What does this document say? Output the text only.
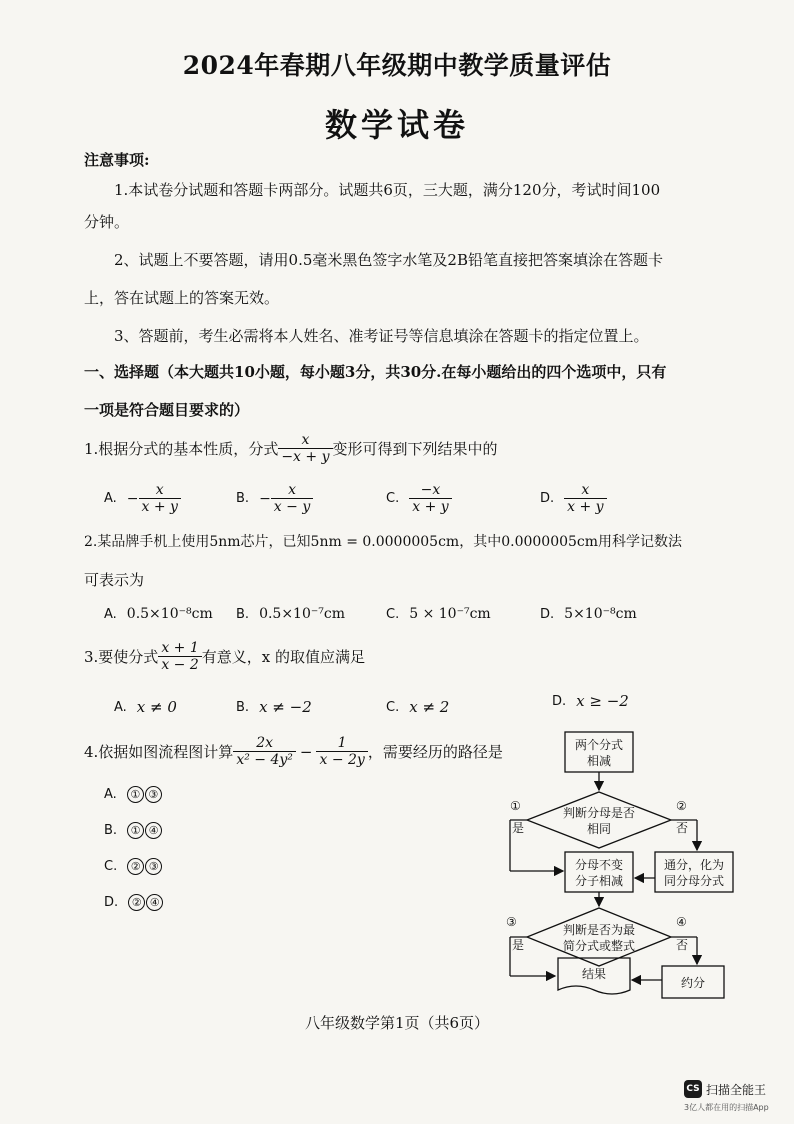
2024年春期八年级期中教学质量评估
数学试卷
注意事项:
1.本试卷分试题和答题卡两部分。试题共6页，三大题，满分120分，考试时间100
分钟。
2、试题上不要答题，请用0.5毫米黑色签字水笔及2B铅笔直接把答案填涂在答题卡
上，答在试题上的答案无效。
3、答题前，考生必需将本人姓名、准考证号等信息填涂在答题卡的指定位置上。
一、选择题（本大题共10小题，每小题3分，共30分.在每小题给出的四个选项中，只有
一项是符合题目要求的）
1.根据分式的基本性质，分式 $\frac{x}{-x + y}$ 变形可得到下列结果中的
A. − $\frac{x}{x + y}$	B. − $\frac{x}{x - y}$	C. $\frac{-x}{x + y}$	D. $\frac{x}{x + y}$
2.某品牌手机上使用5nm芯片，已知5nm = 0.0000005cm，其中0.0000005cm用科学记数法
可表示为
A. 0.5×10⁻⁸cm B. 0.5×10⁻⁷cm	C. 5 × 10⁻⁷cm	D. 5×10⁻⁸cm
3.要使分式 $\frac{x + 1}{x - 2}$ 有意义，x 的取值应满足
A. x ≠ 0	B. x ≠ −2	C. x ≠ 2	D. x ≥ −2
4.依据如图流程图计算 $\frac{2x}{\text{x² − 4y²}} - \frac{1}{x - 2y}$ ，需要经历的路径是
A.	① ③
B.	① ④
C.	② ③
D.	② ④
两个分式
相减
判断分母是否
相同
①
是
②
否
分母不变
分子相减
通分，化为
同分母分式
判断是否为最
简分式或整式
③
是
④
否
结果
约分
八年级数学第1页（共6页）
CS 扫描全能王
3亿人都在用的扫描App
